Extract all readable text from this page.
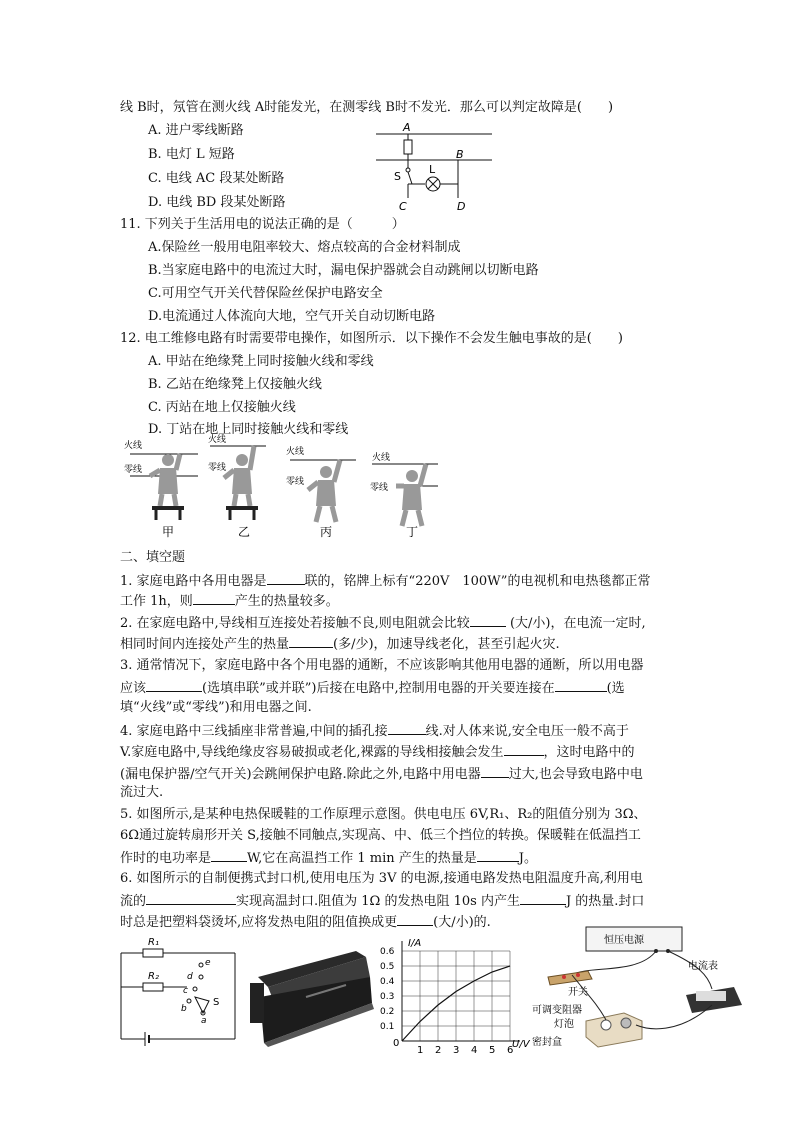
线 B时，氖管在测火线 A时能发光，在测零线 B时不发光．那么可以判定故障是(　　)
A. 进户零线断路
B. 电灯 L 短路
C. 电线 AC 段某处断路
D. 电线 BD 段某处断路
A
B
S
L
C	D
11. 下列关于生活用电的说法正确的是（　　　）
A.保险丝一般用电阻率较大、熔点较高的合金材料制成
B.当家庭电路中的电流过大时，漏电保护器就会自动跳闸以切断电路
C.可用空气开关代替保险丝保护电路安全
D.电流通过人体流向大地，空气开关自动切断电路
12. 电工维修电路有时需要带电操作，如图所示．以下操作不会发生触电事故的是(　　)
A. 甲站在绝缘凳上同时接触火线和零线
B. 乙站在绝缘凳上仅接触火线
C. 丙站在地上仅接触火线
D. 丁站在地上同时接触火线和零线
火线
零线
甲
火线
零线
乙
火线
零线
丙
火线
零线
丁
二、填空题
1. 家庭电路中各用电器是	联的，铭牌上标有“220V　100W”的电视机和电热毯都正常
工作 1h，则	产生的热量较多。
2. 在家庭电路中,导线相互连接处若接触不良,则电阻就会比较	(大/小)，在电流一定时,
相同时间内连接处产生的热量	(多/少)，加速导线老化，甚至引起火灾.
3. 通常情况下，家庭电路中各个用电器的通断，不应该影响其他用电器的通断，所以用电器
应该	(选填串联”或并联”)后接在电路中,控制用电器的开关要连接在	(选
填“火线”或“零线”)和用电器之间.
4. 家庭电路中三线插座非常普遍,中间的插孔接	线.对人体来说,安全电压一般不高于
V.家庭电路中,导线绝缘皮容易破损或老化,裸露的导线相接触会发生	，这时电路中的
(漏电保护器/空气开关)会跳闸保护电路.除此之外,电路中用电器 过大,也会导致电路中电
流过大.
5. 如图所示,是某种电热保暖鞋的工作原理示意图。供电电压 6V,R₁、R₂的阻值分别为 3Ω、
6Ω通过旋转扇形开关 S,接触不同触点,实现高、中、低三个挡位的转换。保暖鞋在低温挡工
作时的电功率是	W,它在高温挡工作 1 min 产生的热量是	J。
6. 如图所示的自制便携式封口机,使用电压为 3V 的电源,接通电路发热电阻温度升高,利用电
流的	实现高温封口.阻值为 1Ω 的发热电阻 10s 内产生	J 的热量.封口
时总是把塑料袋烫坏,应将发热电阻的阻值换成更	(大/小)的.
R₁
R₂
e
d
c
b
a
S
I/A
U/V
0
1 2 3 4 5 6
0.1
0.2
0.3
0.4
0.5
0.6
恒压电源
电流表
开关
可调变阻器
灯泡
密封盒
